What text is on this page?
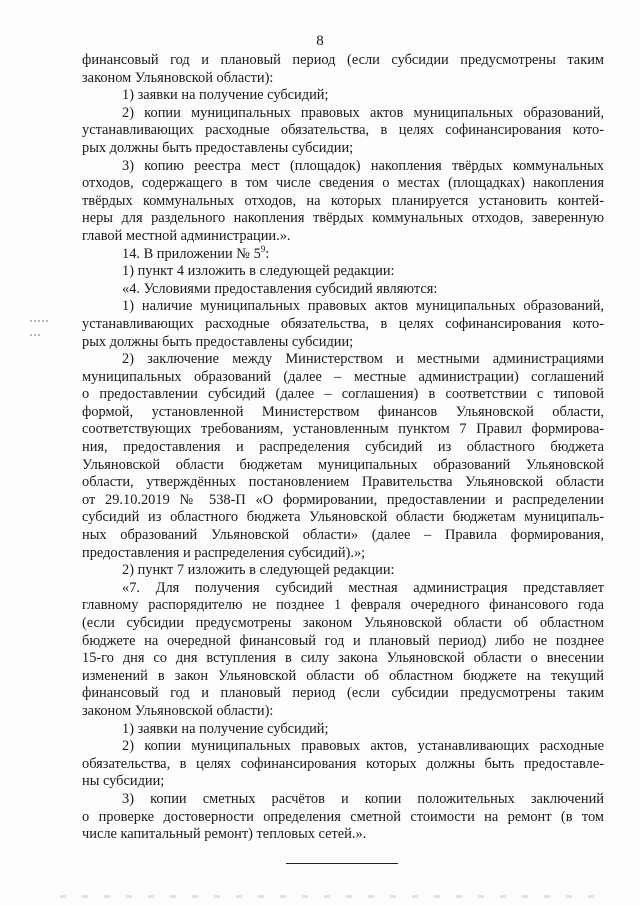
8
финансовый год и плановый период (если субсидии предусмотрены таким
законом Ульяновской области):
1) заявки на получение субсидий;
2) копии муниципальных правовых актов муниципальных образований,
устанавливающих расходные обязательства, в целях софинансирования кото-
рых должны быть предоставлены субсидии;
3) копию реестра мест (площадок) накопления твёрдых коммунальных
отходов, содержащего в том числе сведения о местах (площадках) накопления
твёрдых коммунальных отходов, на которых планируется установить контей-
неры для раздельного накопления твёрдых коммунальных отходов, заверенную
главой местной администрации.».
14. В приложении № $5^9$:
1) пункт 4 изложить в следующей редакции:
«4. Условиями предоставления субсидий являются:
1) наличие муниципальных правовых актов муниципальных образований,
устанавливающих расходные обязательства, в целях софинансирования кото-
рых должны быть предоставлены субсидии;
2) заключение между Министерством и местными администрациями
муниципальных образований (далее – местные администрации) соглашений
о предоставлении субсидий (далее – соглашения) в соответствии с типовой
формой, установленной Министерством финансов Ульяновской области,
соответствующих требованиям, установленным пунктом 7 Правил формирова-
ния, предоставления и распределения субсидий из областного бюджета
Ульяновской области бюджетам муниципальных образований Ульяновской
области, утверждённых постановлением Правительства Ульяновской области
от 29.10.2019 № 538-П «О формировании, предоставлении и распределении
субсидий из областного бюджета Ульяновской области бюджетам муниципаль-
ных образований Ульяновской области» (далее – Правила формирования,
предоставления и распределения субсидий).»;
2) пункт 7 изложить в следующей редакции:
«7. Для получения субсидий местная администрация представляет
главному распорядителю не позднее 1 февраля очередного финансового года
(если субсидии предусмотрены законом Ульяновской области об областном
бюджете на очередной финансовый год и плановый период) либо не позднее
15-го дня со дня вступления в силу закона Ульяновской области о внесении
изменений в закон Ульяновской области об областном бюджете на текущий
финансовый год и плановый период (если субсидии предусмотрены таким
законом Ульяновской области):
1) заявки на получение субсидий;
2) копии муниципальных правовых актов, устанавливающих расходные
обязательства, в целях софинансирования которых должны быть предоставле-
ны субсидии;
3) копии сметных расчётов и копии положительных заключений
о проверке достоверности определения сметной стоимости на ремонт (в том
числе капитальный ремонт) тепловых сетей.».
